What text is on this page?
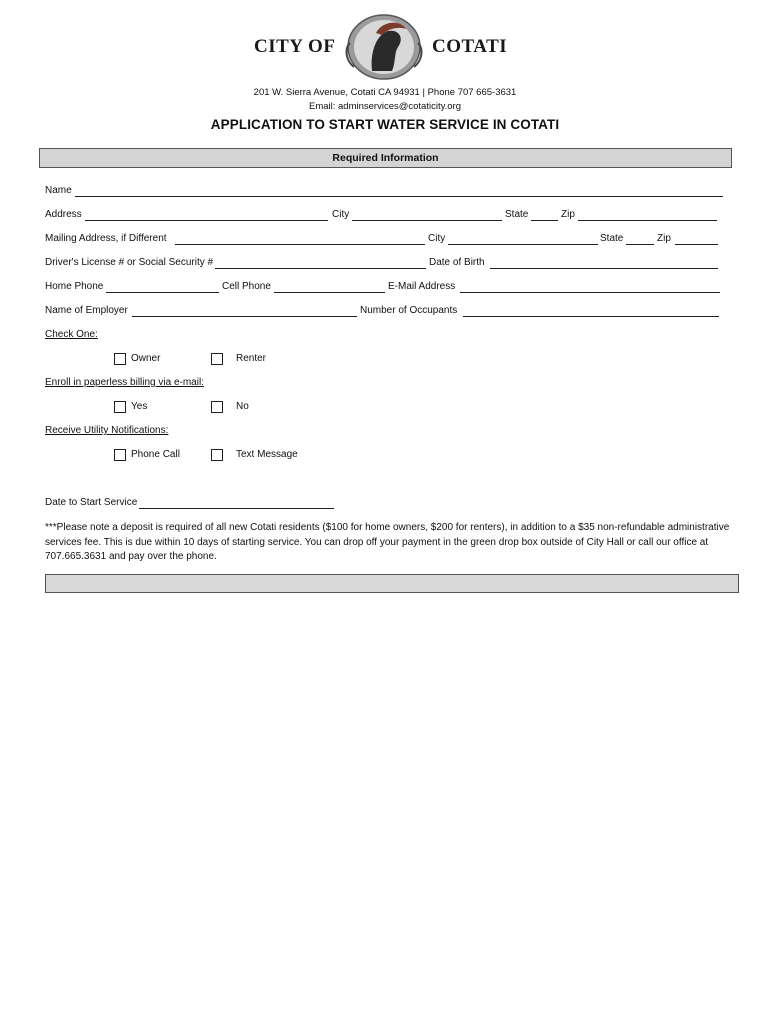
CITY OF	COTATI
201 W. Sierra Avenue, Cotati CA 94931 | Phone 707 665-3631
Email: adminservices@cotaticity.org
APPLICATION TO START WATER SERVICE IN COTATI
Required Information
Name
Address	City	State	Zip
Mailing Address, if Different	City	State	Zip
Driver's License # or Social Security #	Date of Birth
Home Phone	Cell Phone	E-Mail Address
Name of Employer	Number of Occupants
Check One:
Owner	Renter
Enroll in paperless billing via e-mail:
Yes	No
Receive Utility Notifications:
Phone Call	Text Message
Date to Start Service
***Please note a deposit is required of all new Cotati residents ($100 for home owners, $200 for renters), in addition to a $35 non-refundable administrative services fee. This is due within 10 days of starting service. You can drop off your payment in the green drop box outside of City Hall or call our office at 707.665.3631 and pay over the phone.
